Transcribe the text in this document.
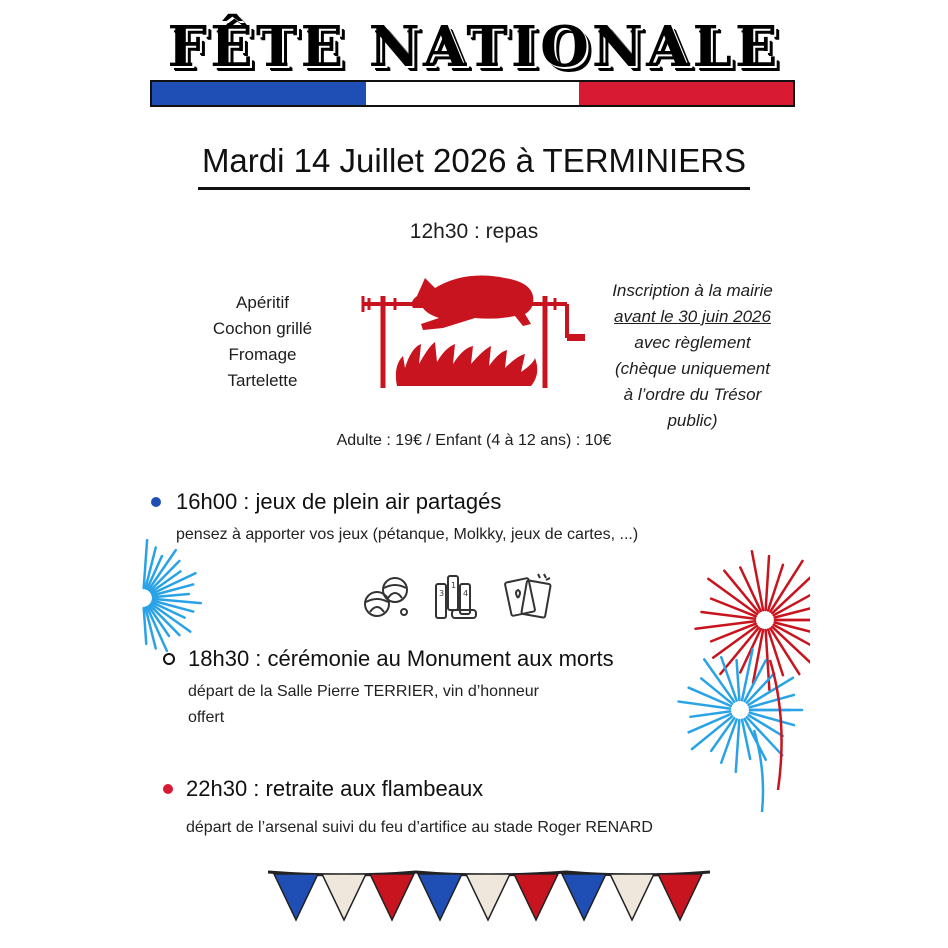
FÊTE NATIONALE
Mardi 14 Juillet 2026 à TERMINIERS
12h30 : repas
Apéritif
Cochon grillé
Fromage
Tartelette
Inscription à la mairie
avant le 30 juin 2026
avec règlement
(chèque uniquement
à l’ordre du Trésor
public)
Adulte : 19€ / Enfant (4 à 12 ans) : 10€
16h00 : jeux de plein air partagés
pensez à apporter vos jeux (pétanque, Molkky, jeux de cartes, ...)
3
1
4
18h30 : cérémonie au Monument aux morts
départ de la Salle Pierre TERRIER, vin d’honneur
offert
22h30 : retraite aux flambeaux
départ de l’arsenal suivi du feu d’artifice au stade Roger RENARD
